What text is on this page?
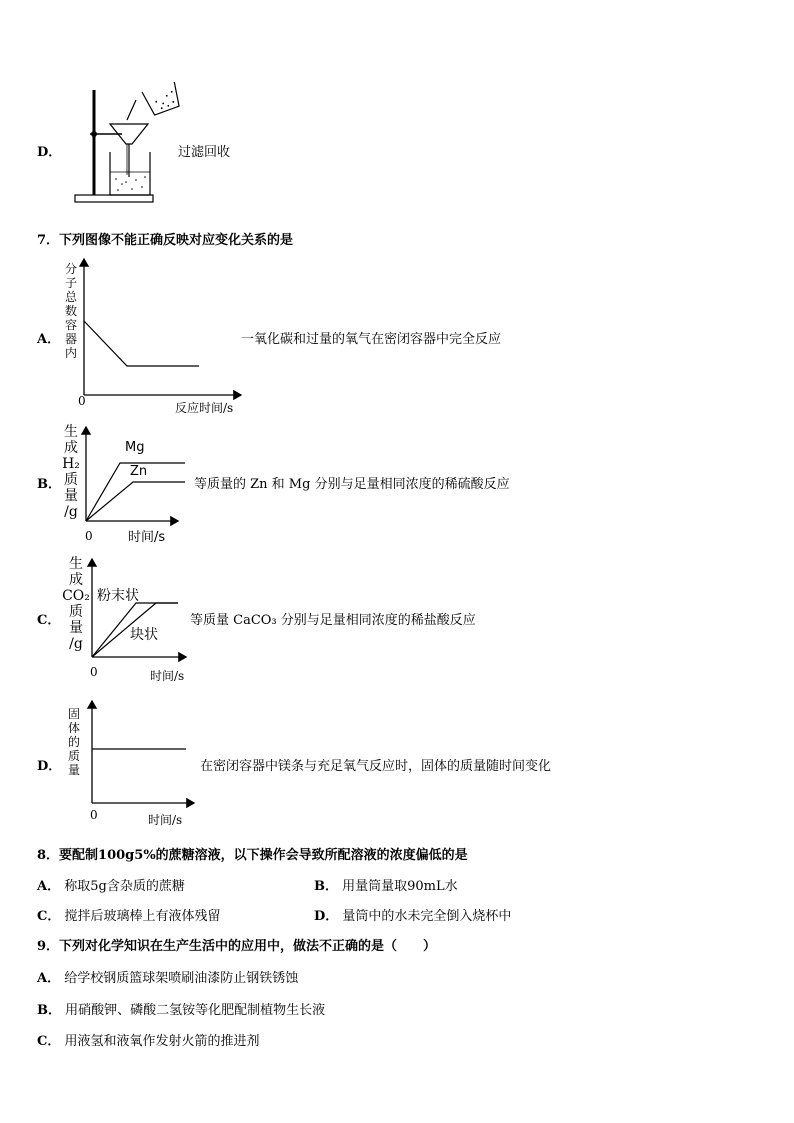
D．	过滤回收
7．下列图像不能正确反映对应变化关系的是
A．
分
子
总
数
容
器
内
0	反应时间/s
一氧化碳和过量的氧气在密闭容器中完全反应
B．
生
成
H₂
质
量
/g
Mg
Zn
0	时间/s
等质量的 Zn 和 Mg 分别与足量相同浓度的稀硫酸反应
C．
生
成
CO₂
质
量
/g
粉末状
块状
0	时间/s
等质量 CaCO₃ 分别与足量相同浓度的稀盐酸反应
D．
固
体
的
质
量
0	时间/s
在密闭容器中镁条与充足氧气反应时，固体的质量随时间变化
8．要配制100g5%的蔗糖溶液，以下操作会导致所配溶液的浓度偏低的是
A． 称取5g含杂质的蔗糖	B． 用量筒量取90mL水
C． 搅拌后玻璃棒上有液体残留	D． 量筒中的水未完全倒入烧杯中
9．下列对化学知识在生产生活中的应用中，做法不正确的是（　　）
A． 给学校钢质篮球架喷刷油漆防止钢铁锈蚀
B． 用硝酸钾、磷酸二氢铵等化肥配制植物生长液
C． 用液氢和液氧作发射火箭的推进剂
